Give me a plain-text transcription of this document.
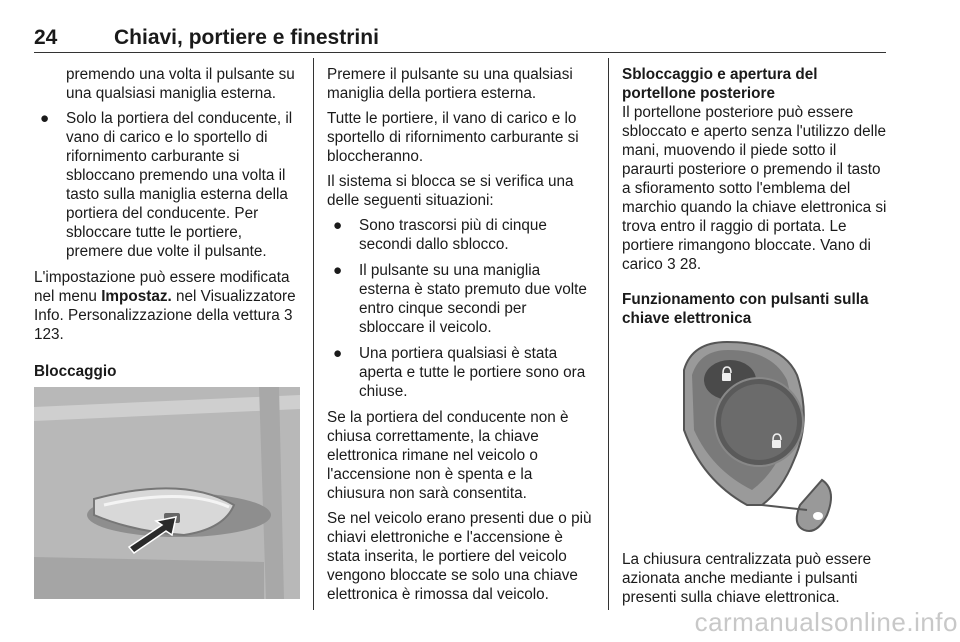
24	Chiavi, portiere e finestrini

premendo una volta il pulsante su una qualsiasi maniglia esterna.

● Solo la portiera del conducente, il vano di carico e lo sportello di rifornimento carburante si sbloccano premendo una volta il tasto sulla maniglia esterna della portiera del conducente. Per sbloccare tutte le portiere, premere due volte il pulsante.

L'impostazione può essere modificata nel menu Impostaz. nel Visualizzatore Info. Personalizzazione della vettura 3 123.

Bloccaggio

Premere il pulsante su una qualsiasi maniglia della portiera esterna.

Tutte le portiere, il vano di carico e lo sportello di rifornimento carburante si bloccheranno.

Il sistema si blocca se si verifica una delle seguenti situazioni:

● Sono trascorsi più di cinque secondi dallo sblocco.
● Il pulsante su una maniglia esterna è stato premuto due volte entro cinque secondi per sbloccare il veicolo.
● Una portiera qualsiasi è stata aperta e tutte le portiere sono ora chiuse.

Se la portiera del conducente non è chiusa correttamente, la chiave elettronica rimane nel veicolo o l'accensione non è spenta e la chiusura non sarà consentita.

Se nel veicolo erano presenti due o più chiavi elettroniche e l'accensione è stata inserita, le portiere del veicolo vengono bloccate se solo una chiave elettronica è rimossa dal veicolo.

Sbloccaggio e apertura del portellone posteriore

Il portellone posteriore può essere sbloccato e aperto senza l'utilizzo delle mani, muovendo il piede sotto il paraurti posteriore o premendo il tasto a sfioramento sotto l'emblema del marchio quando la chiave elettronica si trova entro il raggio di portata. Le portiere rimangono bloccate. Vano di carico 3 28.

Funzionamento con pulsanti sulla chiave elettronica

La chiusura centralizzata può essere azionata anche mediante i pulsanti presenti sulla chiave elettronica.
carmanualsonline.info
